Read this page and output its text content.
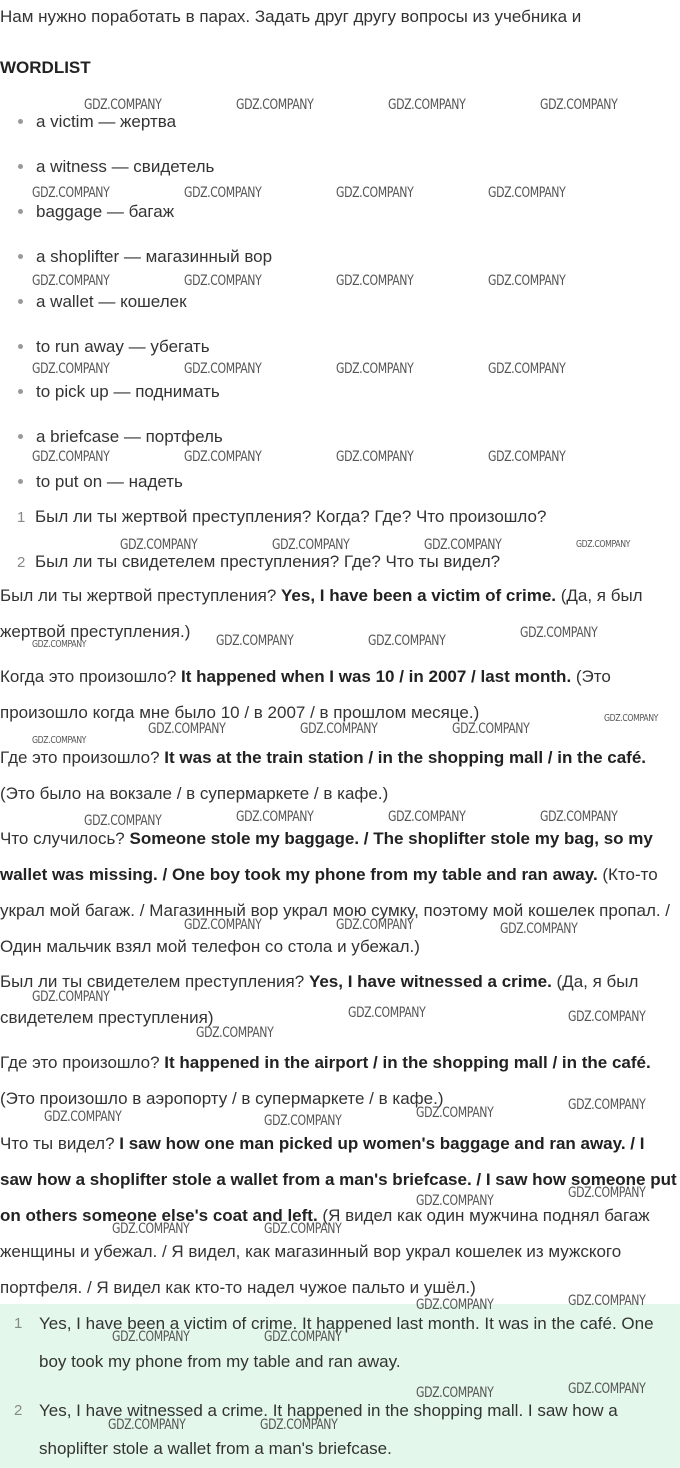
Нам нужно поработать в парах. Задать друг другу вопросы из учебника и
WORDLIST
a victim — жертва
a witness — свидетель
baggage — багаж
a shoplifter — магазинный вор
a wallet — кошелек
to run away — убегать
to pick up — поднимать
a briefcase — портфель
to put on — надеть
1 Был ли ты жертвой преступления? Когда? Где? Что произошло?
2 Был ли ты свидетелем преступления? Где? Что ты видел?
Был ли ты жертвой преступления? Yes, I have been a victim of crime. (Да, я был жертвой преступления.)
Когда это произошло? It happened when I was 10 / in 2007 / last month. (Это произошло когда мне было 10 / в 2007 / в прошлом месяце.)
Где это произошло? It was at the train station / in the shopping mall / in the café. (Это было на вокзале / в супермаркете / в кафе.)
Что случилось? Someone stole my baggage. / The shoplifter stole my bag, so my wallet was missing. / One boy took my phone from my table and ran away. (Кто-то украл мой багаж. / Магазинный вор украл мою сумку, поэтому мой кошелек пропал. / Один мальчик взял мой телефон со стола и убежал.)
Был ли ты свидетелем преступления? Yes, I have witnessed a crime. (Да, я был свидетелем преступления)
Где это произошло? It happened in the airport / in the shopping mall / in the café. (Это произошло в аэропорту / в супермаркете / в кафе.)
Что ты видел? I saw how one man picked up women's baggage and ran away. / I saw how a shoplifter stole a wallet from a man's briefcase. / I saw how someone put on others someone else's coat and left. (Я видел как один мужчина поднял багаж женщины и убежал. / Я видел, как магазинный вор украл кошелек из мужского портфеля. / Я видел как кто-то надел чужое пальто и ушёл.)
1 Yes, I have been a victim of crime. It happened last month. It was in the café. One boy took my phone from my table and ran away.
2 Yes, I have witnessed a crime. It happened in the shopping mall. I saw how a shoplifter stole a wallet from a man's briefcase.
GDZ.COMPANY	GDZ.COMPANY	GDZ.COMPANY	GDZ.COMPANY
GDZ.COMPANY	GDZ.COMPANY	GDZ.COMPANY	GDZ.COMPANY
GDZ.COMPANY	GDZ.COMPANY	GDZ.COMPANY	GDZ.COMPANY
GDZ.COMPANY	GDZ.COMPANY	GDZ.COMPANY	GDZ.COMPANY
GDZ.COMPANY	GDZ.COMPANY	GDZ.COMPANY	GDZ.COMPANY
GDZ.COMPANY	GDZ.COMPANY	GDZ.COMPANY	GDZ.COMPANY
GDZ.COMPANY	GDZ.COMPANY	GDZ.COMPANY	GDZ.COMPANY
GDZ.COMPANY
GDZ.COMPANY	GDZ.COMPANY	GDZ.COMPANY
GDZ.COMPANY
GDZ.COMPANY	GDZ.COMPANY	GDZ.COMPANY	GDZ.COMPANY
GDZ.COMPANY	GDZ.COMPANY	GDZ.COMPANY
GDZ.COMPANY
GDZ.COMPANY	GDZ.COMPANY
GDZ.COMPANY
GDZ.COMPANY
GDZ.COMPANY
GDZ.COMPANY	GDZ.COMPANY
GDZ.COMPANY
GDZ.COMPANY
GDZ.COMPANY	GDZ.COMPANY
GDZ.COMPANY
GDZ.COMPANY
GDZ.COMPANY	GDZ.COMPANY
GDZ.COMPANY
GDZ.COMPANY
GDZ.COMPANY	GDZ.COMPANY
